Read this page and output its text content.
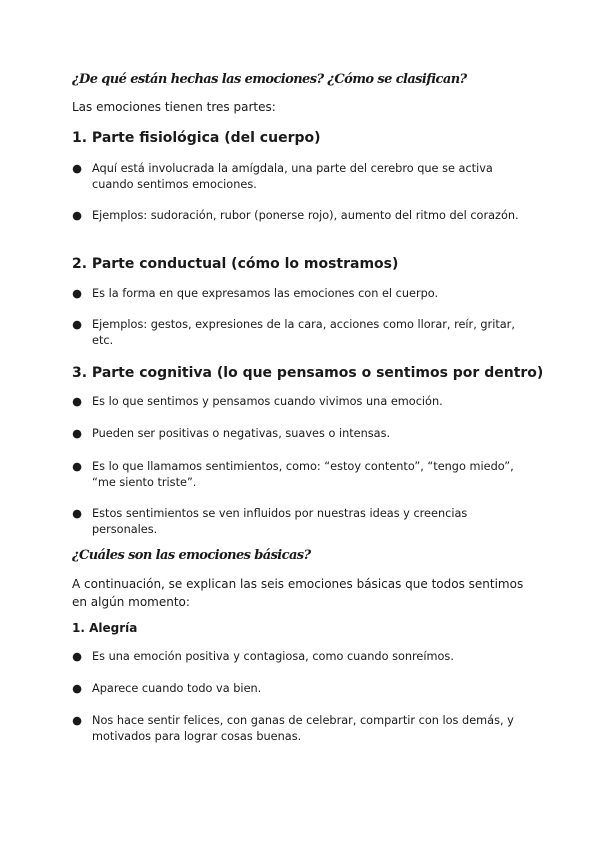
¿De qué están hechas las emociones? ¿Cómo se clasifican?

Las emociones tienen tres partes:

1. Parte fisiológica (del cuerpo)

● Aquí está involucrada la amígdala, una parte del cerebro que se activa cuando sentimos emociones.
● Ejemplos: sudoración, rubor (ponerse rojo), aumento del ritmo del corazón.

2. Parte conductual (cómo lo mostramos)

● Es la forma en que expresamos las emociones con el cuerpo.
● Ejemplos: gestos, expresiones de la cara, acciones como llorar, reír, gritar, etc.

3. Parte cognitiva (lo que pensamos o sentimos por dentro)

● Es lo que sentimos y pensamos cuando vivimos una emoción.
● Pueden ser positivas o negativas, suaves o intensas.
● Es lo que llamamos sentimientos, como: “estoy contento”, “tengo miedo”, “me siento triste”.
● Estos sentimientos se ven influidos por nuestras ideas y creencias personales.

¿Cuáles son las emociones básicas?

A continuación, se explican las seis emociones básicas que todos sentimos en algún momento:

1. Alegría

● Es una emoción positiva y contagiosa, como cuando sonreímos.
● Aparece cuando todo va bien.
● Nos hace sentir felices, con ganas de celebrar, compartir con los demás, y motivados para lograr cosas buenas.
